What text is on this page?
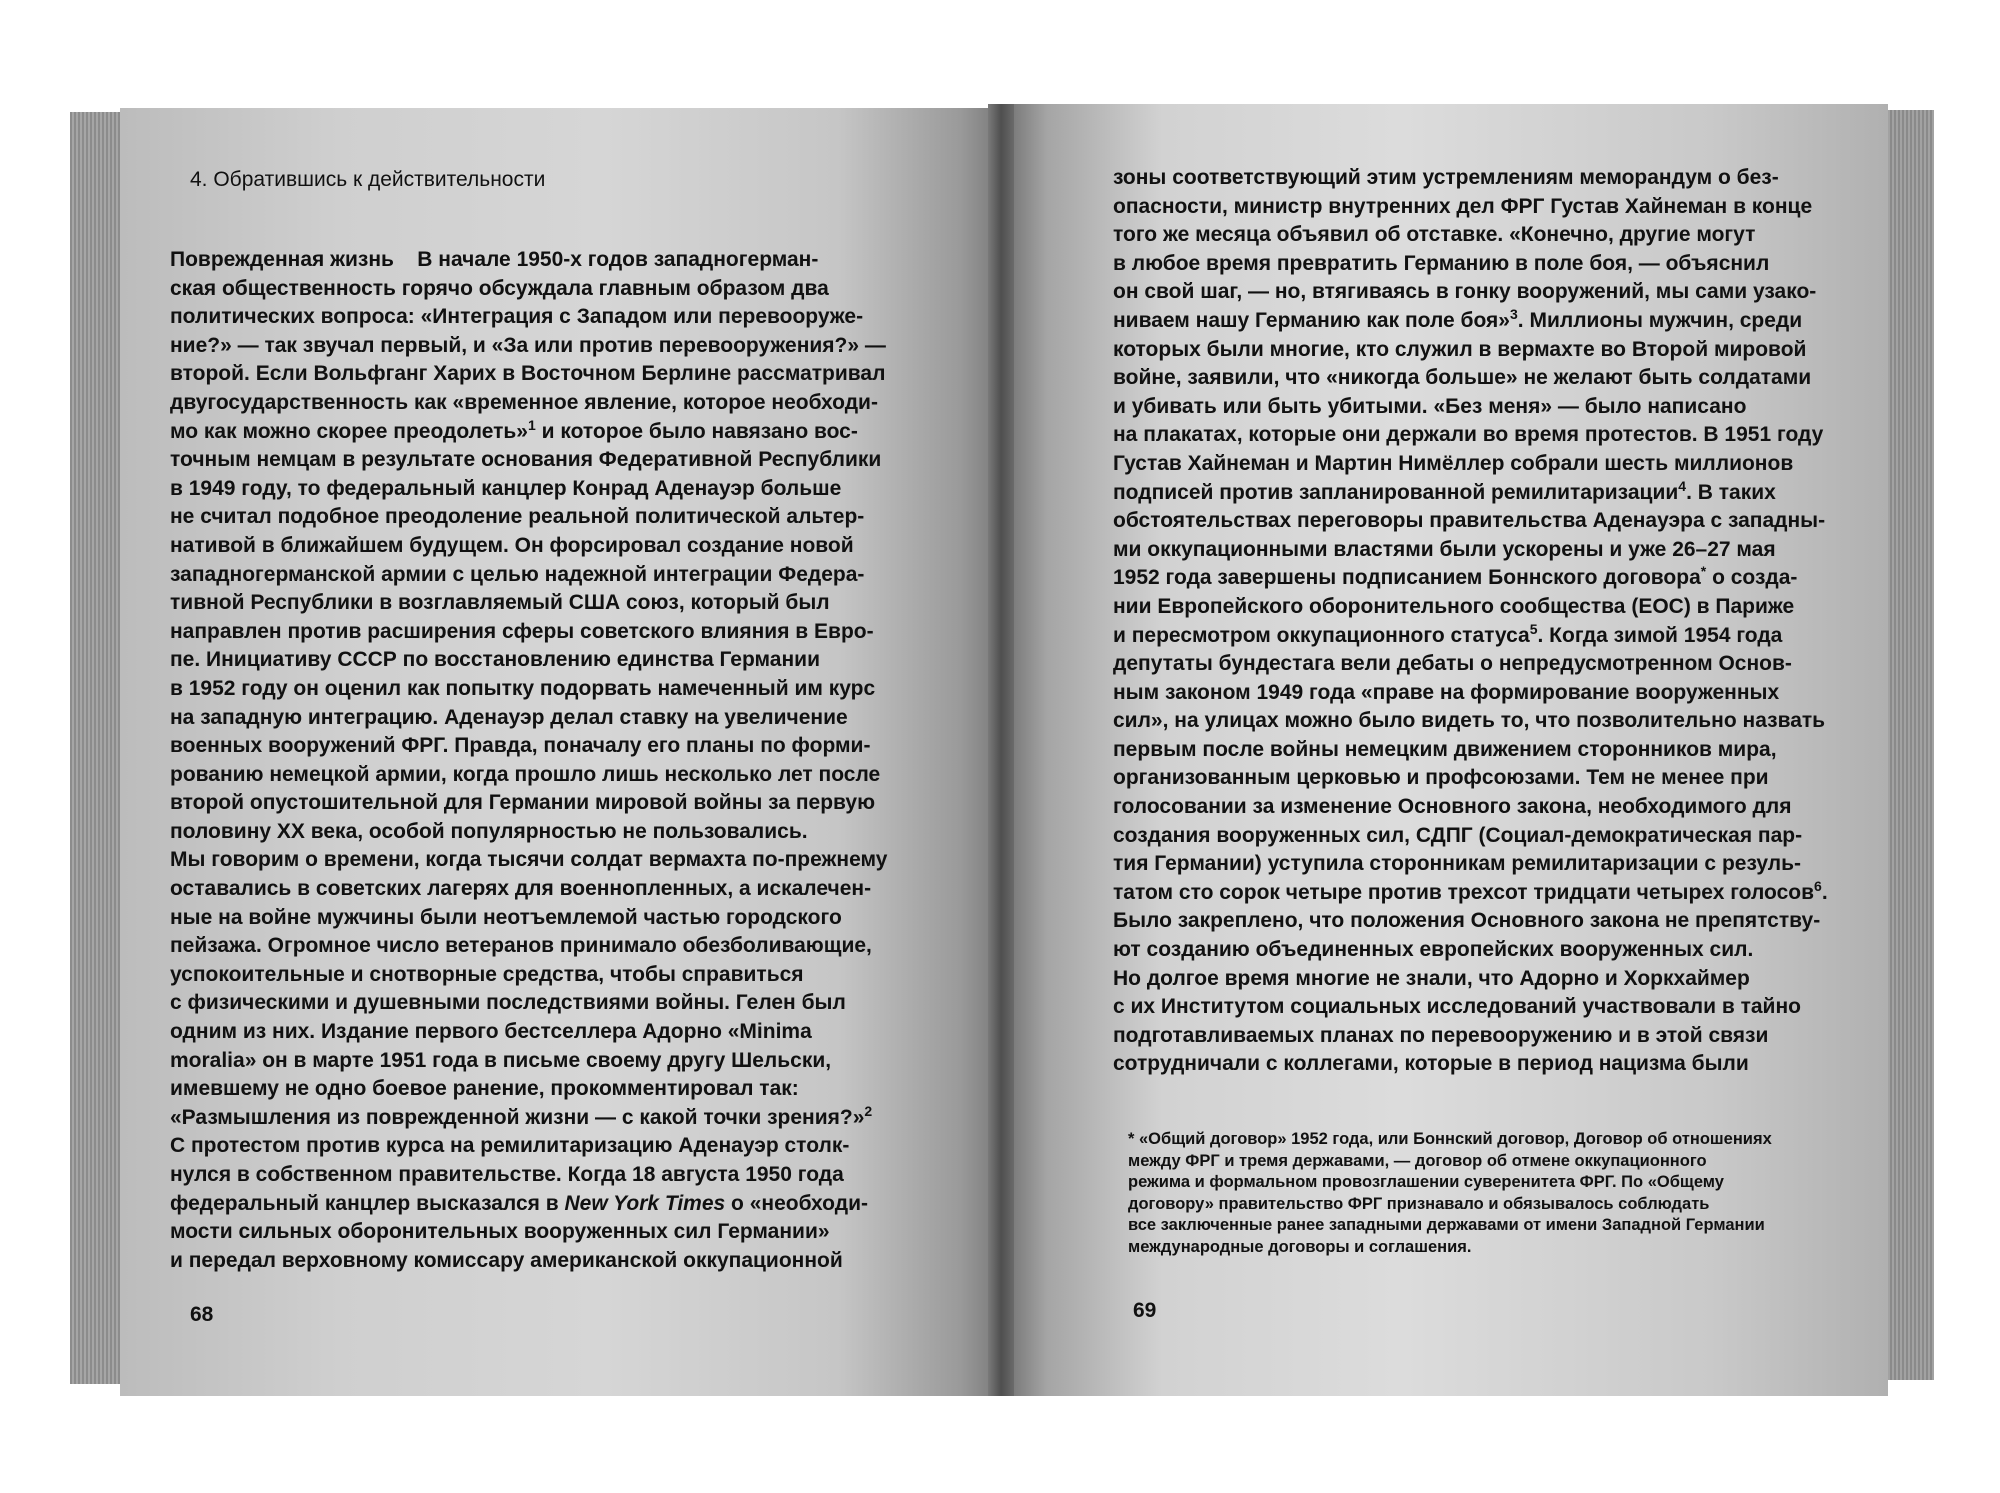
4. Обратившись к действительности
Поврежденная жизнь В начале 1950-х годов западногерман-
ская общественность горячо обсуждала главным образом два
политических вопроса: «Интеграция с Западом или перевооруже-
ние?» — так звучал первый, и «За или против перевооружения?» —
второй. Если Вольфганг Харих в Восточном Берлине рассматривал
двугосударственность как «временное явление, которое необходи-
мо как можно скорее преодолеть»$^1$ и которое было навязано вос-
точным немцам в результате основания Федеративной Республики
в 1949 году, то федеральный канцлер Конрад Аденауэр больше
не считал подобное преодоление реальной политической альтер-
нативой в ближайшем будущем. Он форсировал создание новой
западногерманской армии с целью надежной интеграции Федера-
тивной Республики в возглавляемый США союз, который был
направлен против расширения сферы советского влияния в Евро-
пе. Инициативу СССР по восстановлению единства Германии
в 1952 году он оценил как попытку подорвать намеченный им курс
на западную интеграцию. Аденауэр делал ставку на увеличение
военных вооружений ФРГ. Правда, поначалу его планы по форми-
рованию немецкой армии, когда прошло лишь несколько лет после
второй опустошительной для Германии мировой войны за первую
половину XX века, особой популярностью не пользовались.
Мы говорим о времени, когда тысячи солдат вермахта по-прежнему
оставались в советских лагерях для военнопленных, а искалечен-
ные на войне мужчины были неотъемлемой частью городского
пейзажа. Огромное число ветеранов принимало обезболивающие,
успокоительные и снотворные средства, чтобы справиться
с физическими и душевными последствиями войны. Гелен был
одним из них. Издание первого бестселлера Адорно «Minima
moralia» он в марте 1951 года в письме своему другу Шельски,
имевшему не одно боевое ранение, прокомментировал так:
«Размышления из поврежденной жизни — с какой точки зрения?»$^2$
С протестом против курса на ремилитаризацию Аденауэр столк-
нулся в собственном правительстве. Когда 18 августа 1950 года
федеральный канцлер высказался в New York Times о «необходи-
мости сильных оборонительных вооруженных сил Германии»
и передал верховному комиссару американской оккупационной
68
зоны соответствующий этим устремлениям меморандум о без-
опасности, министр внутренних дел ФРГ Густав Хайнеман в конце
того же месяца объявил об отставке. «Конечно, другие могут
в любое время превратить Германию в поле боя, — объяснил
он свой шаг, — но, втягиваясь в гонку вооружений, мы сами узако-
ниваем нашу Германию как поле боя»$^3$. Миллионы мужчин, среди
которых были многие, кто служил в вермахте во Второй мировой
войне, заявили, что «никогда больше» не желают быть солдатами
и убивать или быть убитыми. «Без меня» — было написано
на плакатах, которые они держали во время протестов. В 1951 году
Густав Хайнеман и Мартин Нимёллер собрали шесть миллионов
подписей против запланированной ремилитаризации$^4$. В таких
обстоятельствах переговоры правительства Аденауэра с западны-
ми оккупационными властями были ускорены и уже 26–27 мая
1952 года завершены подписанием Боннского договора* о созда-
нии Европейского оборонительного сообщества (ЕОС) в Париже
и пересмотром оккупационного статуса$^5$. Когда зимой 1954 года
депутаты бундестага вели дебаты о непредусмотренном Основ-
ным законом 1949 года «праве на формирование вооруженных
сил», на улицах можно было видеть то, что позволительно назвать
первым после войны немецким движением сторонников мира,
организованным церковью и профсоюзами. Тем не менее при
голосовании за изменение Основного закона, необходимого для
создания вооруженных сил, СДПГ (Социал-демократическая пар-
тия Германии) уступила сторонникам ремилитаризации с резуль-
татом сто сорок четыре против трехсот тридцати четырех голосов$^6$.
Было закреплено, что положения Основного закона не препятству-
ют созданию объединенных европейских вооруженных сил.
Но долгое время многие не знали, что Адорно и Хоркхаймер
с их Институтом социальных исследований участвовали в тайно
подготавливаемых планах по перевооружению и в этой связи
сотрудничали с коллегами, которые в период нацизма были
* «Общий договор» 1952 года, или Боннский договор, Договор об отношениях
между ФРГ и тремя державами, — договор об отмене оккупационного
режима и формальном провозглашении суверенитета ФРГ. По «Общему
договору» правительство ФРГ признавало и обязывалось соблюдать
все заключенные ранее западными державами от имени Западной Германии
международные договоры и соглашения.
69
